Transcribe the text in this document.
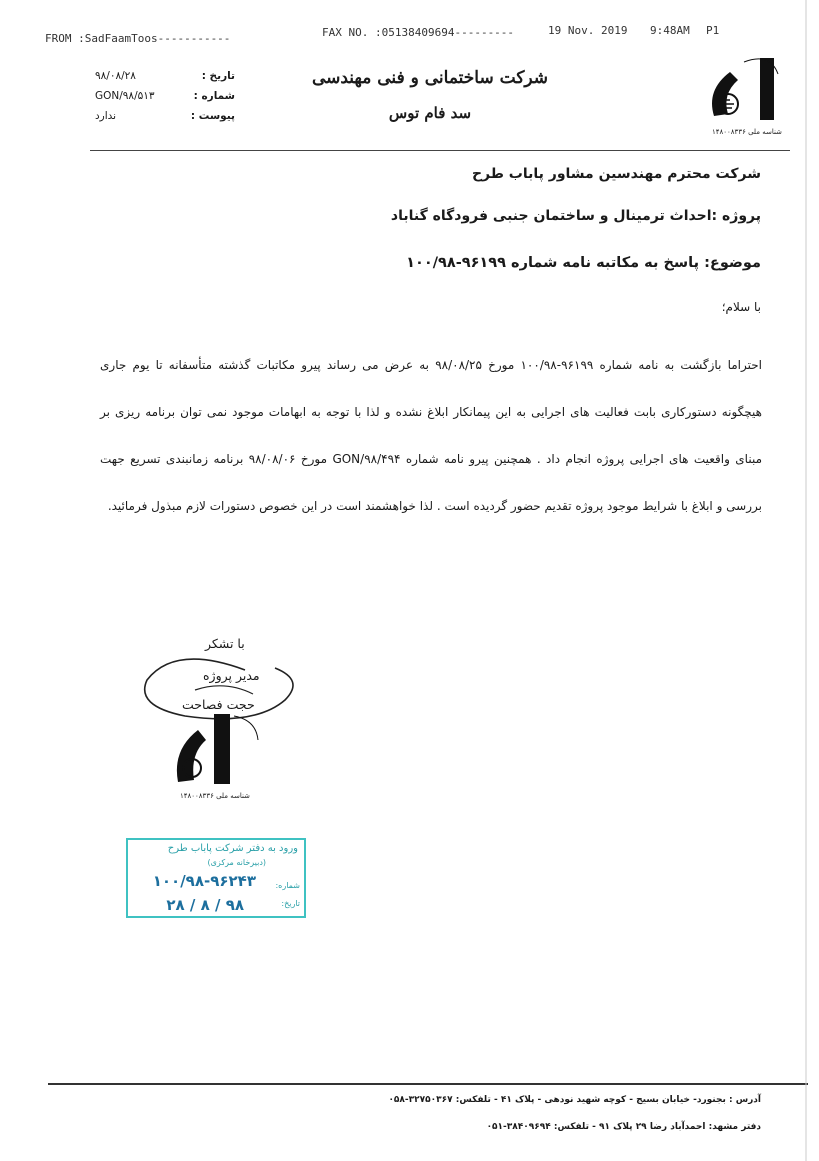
FROM :SadFaamToos-----------	FAX NO. :05138409694---------	19 Nov. 2019 9:48AM P1
تاریخ :
۹۸/۰۸/۲۸
شماره :
GON/۹۸/۵۱۳
پیوست :
ندارد
شرکت ساختمانی و فنی مهندسی
سد فام توس
شناسه ملی ۱۴۸۰۰۸۳۳۶
شرکت محترم مهندسین مشاور پاباب طرح
پروژه :احداث ترمینال و ساختمان جنبی فرودگاه گناباد
موضوع: پاسخ به مکاتبه نامه شماره ۹۶۱۹۹-۱۰۰/۹۸
با سلام؛
احتراما بازگشت به نامه شماره ۹۶۱۹۹-۱۰۰/۹۸ مورخ ۹۸/۰۸/۲۵ به عرض می رساند پیرو مکاتبات گذشته متأسفانه تا یوم جاری هیچگونه دستورکاری بابت فعالیت های اجرایی به این پیمانکار ابلاغ نشده و لذا با توجه به ابهامات موجود نمی توان برنامه ریزی بر مبنای واقعیت های اجرایی پروژه انجام داد . همچنین پیرو نامه شماره GON/۹۸/۴۹۴ مورخ ۹۸/۰۸/۰۶ برنامه زمانبندی تسریع جهت بررسی و ابلاغ با شرایط موجود پروژه تقدیم حضور گردیده است . لذا خواهشمند است در این خصوص دستورات لازم مبذول فرمائید.
با تشکر
مدیر پروژه
حجت فصاحت
شناسه ملی ۱۴۸۰۰۸۳۳۶
ورود به دفتر شرکت پاباب طرح
(دبیرخانه مرکزی)
شماره:
۱۰۰/۹۸-۹۶۲۴۳
تاریخ:
۹۸ / ۸ / ۲۸
آدرس : بجنورد- خیابان بسیج - کوچه شهید نودهی - پلاک ۴۱ - تلفکس: ۳۲۷۵۰۳۶۷-۰۵۸
دفتر مشهد: احمدآباد رضا ۲۹ پلاک ۹۱ - تلفکس: ۳۸۴۰۹۶۹۴-۰۵۱
